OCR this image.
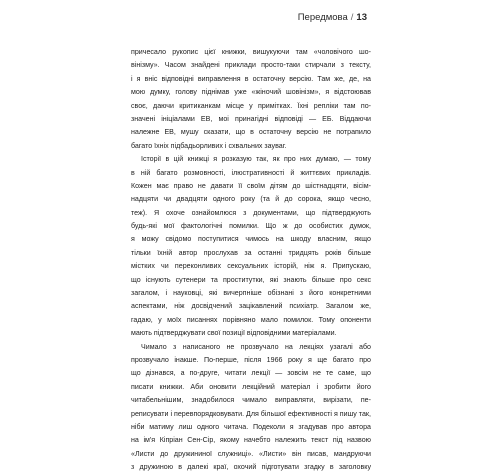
Передмова / 13
причесало рукопис цієї книжки, вишукуючи там «чоловічого шо-
вінізму». Часом знайдені приклади просто-таки стирчали з тексту,
і я вніс відповідні виправлення в остаточну версію. Там же, де, на
мою думку, голову піднімав уже «жіночий шовінізм», я відстоював
своє, даючи критиканкам місце у примітках. Їхні репліки там по-
значені ініціалами ЕВ, моі принагідні відповіді — ЕБ. Віддаючи
належне ЕВ, мушу сказати, що в остаточну версію не потрапило
багато їхніх підбадьорливих і схвальних зауваг.
Історії в цій книжці я розказую так, як про них думаю, — тому
в ній багато розмовності, ілюстративності й життєвих прикладів.
Кожен має право не давати її своїм дітям до шістнадцяти, вісім-
надцяти чи двадцяти одного року (та й до сорока, якщо чесно,
теж). Я охоче ознайомлюся з документами, що підтверджують
будь-які мої фактологічні помилки. Що ж до особистих думок,
я можу свідомо поступитися чимось на шкоду власним, якщо
тільки їхній автор прослухав за останні тридцять років більше
містких чи переконливих сексуальних історій, ніж я. Припускаю,
що існують сутенери та проститутки, які знають більше про секс
загалом, і науковці, які вичерпніше обізнані з його конкретними
аспектами, ніж досвідчений зацікавлений психіатр. Загалом же,
гадаю, у моїх писаннях порівняно мало помилок. Тому опоненти
мають підтверджувати свої позиції відповідними матеріалами.
Чимало з написаного не прозвучало на лекціях узагалі або
прозвучало інакше. По-перше, після 1966 року я ще багато про
що дізнався, а по-друге, читати лекції — зовсім не те саме, що
писати книжки. Аби оновити лекційний матеріал і зробити його
читабельнішим, знадобилося чимало виправляти, вирізати, пе-
реписувати і перевпорядковувати. Для більшої ефективності я пишу так,
ніби матиму лиш одного читача. Подеколи я згадував про автора
на ім'я Кіпріан Сен-Сір, якому начебто належить текст під назвою
«Листи до дружининої служниці». «Листи» він писав, мандруючи
з дружиною в далекі краї, охочий підготувати згадку в заголовку
